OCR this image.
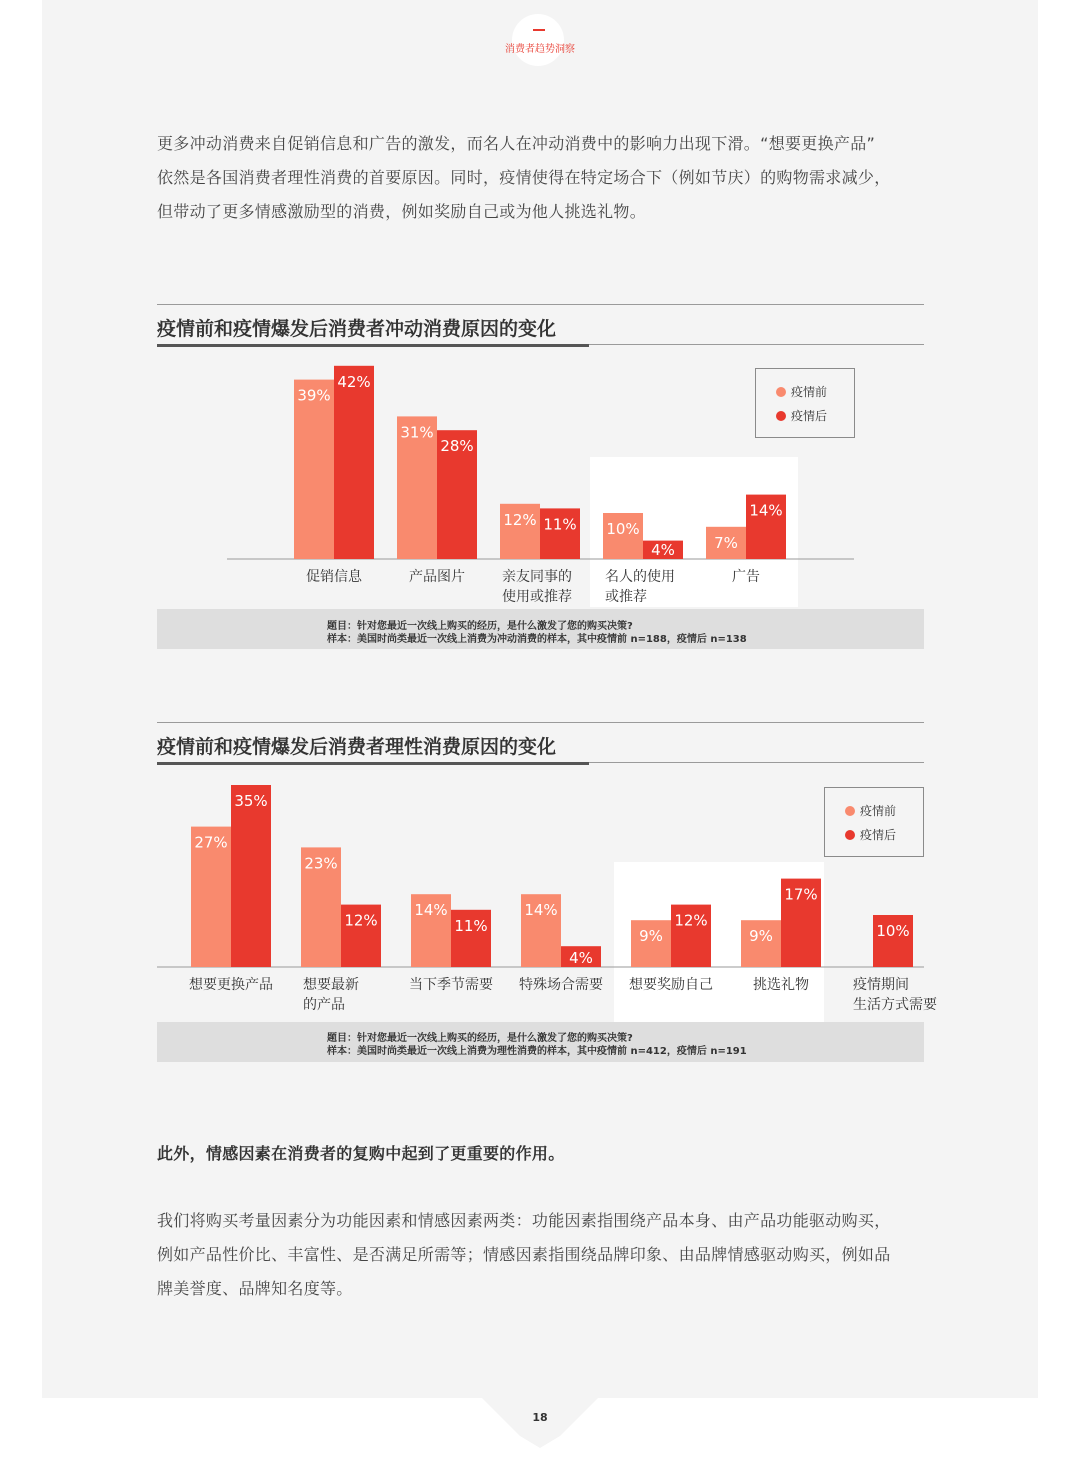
消费者趋势洞察
更多冲动消费来自促销信息和广告的激发，而名人在冲动消费中的影响力出现下滑。“想要更换产品”
依然是各国消费者理性消费的首要原因。同时，疫情使得在特定场合下（例如节庆）的购物需求减少，
但带动了更多情感激励型的消费，例如奖励自己或为他人挑选礼物。
疫情前和疫情爆发后消费者冲动消费原因的变化
39%
42%
促销信息
31%
28%
产品图片
12% 11%
亲友同事的
使用或推荐
10%
4%
名人的使用
或推荐
7%
14%
广告
疫情前
疫情后
题目：针对您最近一次线上购买的经历，是什么激发了您的购买决策?
样本：美国时尚类最近一次线上消费为冲动消费的样本，其中疫情前 n=188，疫情后 n=138
疫情前和疫情爆发后消费者理性消费原因的变化
27%
35%
想要更换产品
23%
12%
想要最新
的产品
14%
11%
当下季节需要
14%
4%
特殊场合需要
9%
12%
想要奖励自己
9%
17%
挑选礼物
10%
疫情期间
生活方式需要
疫情前
疫情后
题目：针对您最近一次线上购买的经历，是什么激发了您的购买决策?
样本：美国时尚类最近一次线上消费为理性消费的样本，其中疫情前 n=412，疫情后 n=191
此外，情感因素在消费者的复购中起到了更重要的作用。
我们将购买考量因素分为功能因素和情感因素两类：功能因素指围绕产品本身、由产品功能驱动购买，
例如产品性价比、丰富性、是否满足所需等；情感因素指围绕品牌印象、由品牌情感驱动购买，例如品
牌美誉度、品牌知名度等。
18
